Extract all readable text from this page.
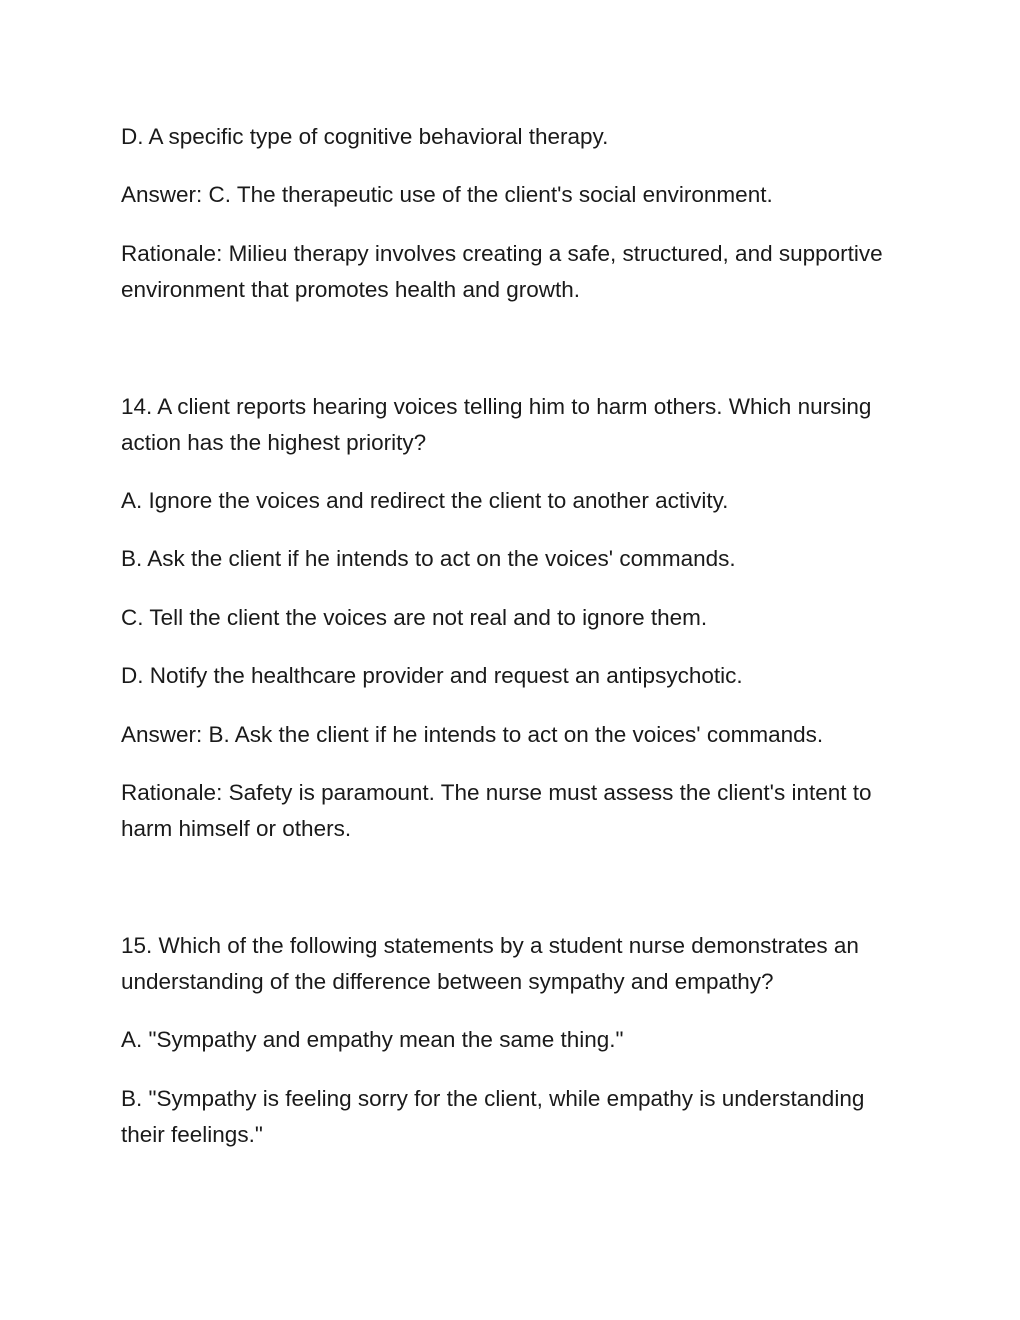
D. A specific type of cognitive behavioral therapy.

Answer: C. The therapeutic use of the client's social environment.

Rationale: Milieu therapy involves creating a safe, structured, and supportive environment that promotes health and growth.

14. A client reports hearing voices telling him to harm others. Which nursing action has the highest priority?

A. Ignore the voices and redirect the client to another activity.

B. Ask the client if he intends to act on the voices' commands.

C. Tell the client the voices are not real and to ignore them.

D. Notify the healthcare provider and request an antipsychotic.

Answer: B. Ask the client if he intends to act on the voices' commands.

Rationale: Safety is paramount. The nurse must assess the client's intent to harm himself or others.

15. Which of the following statements by a student nurse demonstrates an understanding of the difference between sympathy and empathy?

A. "Sympathy and empathy mean the same thing."

B. "Sympathy is feeling sorry for the client, while empathy is understanding their feelings."
